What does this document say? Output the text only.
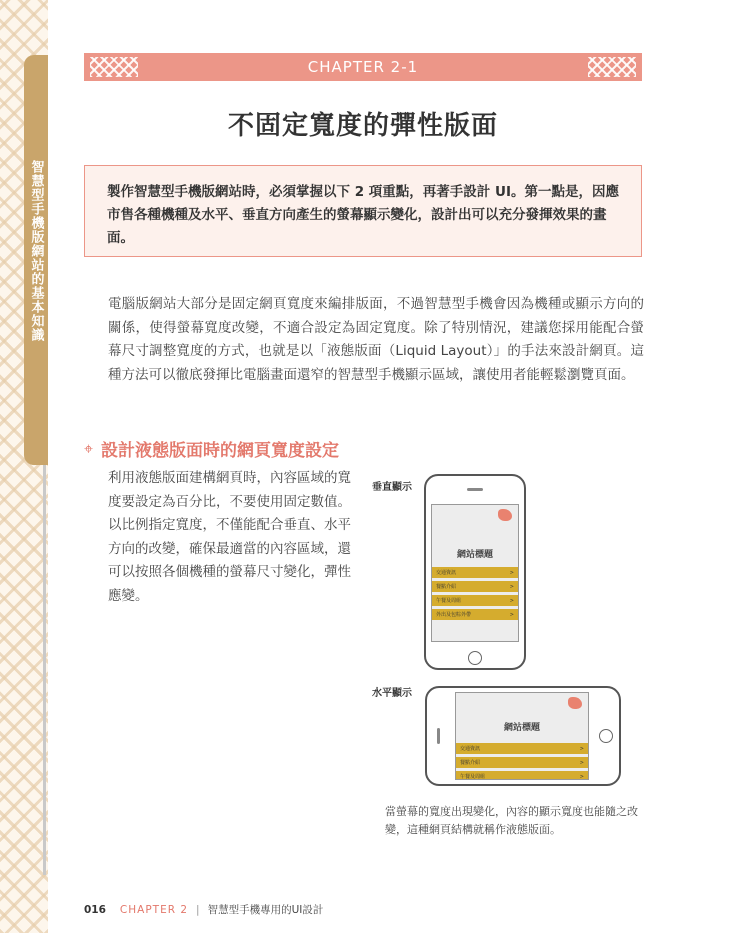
智慧型手機版網站的基本知識
CHAPTER 2-1
不固定寬度的彈性版面

製作智慧型手機版網站時，必須掌握以下 2 項重點，再著手設計 UI。第一點是，因應市售各種機種及水平、垂直方向產生的螢幕顯示變化，設計出可以充分發揮效果的畫面。

電腦版網站大部分是固定網頁寬度來編排版面，不過智慧型手機會因為機種或顯示方向的關係，使得螢幕寬度改變，不適合設定為固定寬度。除了特別情況，建議您採用能配合螢幕尺寸調整寬度的方式，也就是以「液態版面（Liquid Layout）」的手法來設計網頁。這種方法可以徹底發揮比電腦畫面還窄的智慧型手機顯示區域，讓使用者能輕鬆瀏覽頁面。

⌖ 設計液態版面時的網頁寬度設定

利用液態版面建構網頁時，內容區域的寬度要設定為百分比，不要使用固定數值。以比例指定寬度，不僅能配合垂直、水平方向的改變，確保最適當的內容區域，還可以按照各個機種的螢幕尺寸變化，彈性應變。

垂直顯示
網站標題
交通資訊	>
餐點介紹	>
午餐及周組	>
外出及包粽外帶	>
水平顯示
網站標題
交通資訊	>
餐點介紹	>
午餐及周組	>

當螢幕的寬度出現變化，內容的顯示寬度也能隨之改變，這種網頁結構就稱作液態版面。

016 CHAPTER 2 | 智慧型手機專用的UI設計
